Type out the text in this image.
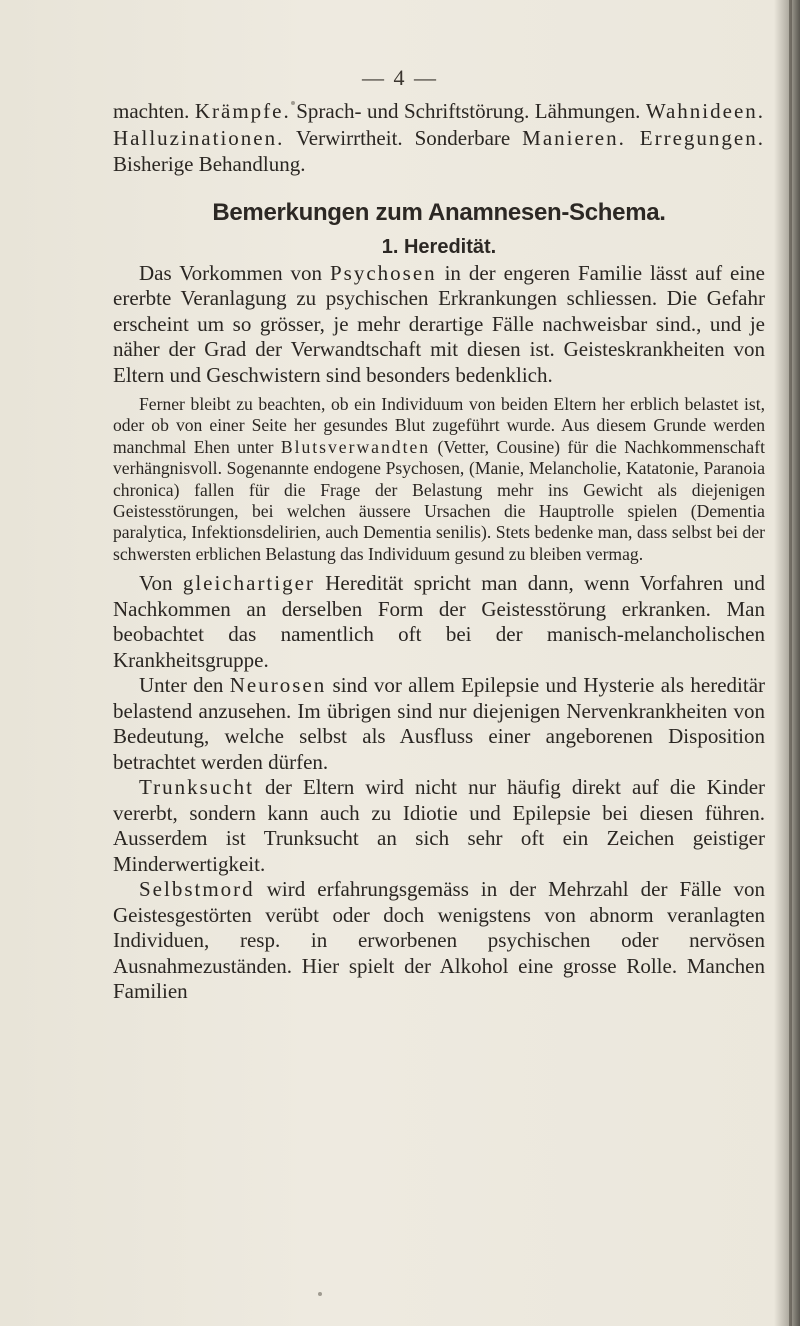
— 4 —

machten. Krämpfe. Sprach- und Schriftstörung. Lähmungen. Wahnideen. Halluzinationen. Verwirrtheit. Sonderbare Manieren. Erregungen. Bisherige Behandlung.

Bemerkungen zum Anamnesen-Schema.
1. Heredität.

Das Vorkommen von Psychosen in der engeren Familie lässt auf eine ererbte Veranlagung zu psychischen Erkrankungen schliessen. Die Gefahr erscheint um so grösser, je mehr derartige Fälle nachweisbar sind., und je näher der Grad der Verwandtschaft mit diesen ist. Geisteskrankheiten von Eltern und Geschwistern sind besonders bedenklich.

Ferner bleibt zu beachten, ob ein Individuum von beiden Eltern her erblich belastet ist, oder ob von einer Seite her gesundes Blut zugeführt wurde. Aus diesem Grunde werden manchmal Ehen unter Blutsverwandten (Vetter, Cousine) für die Nachkommenschaft verhängnisvoll. Sogenannte endogene Psychosen, (Manie, Melancholie, Katatonie, Paranoia chronica) fallen für die Frage der Belastung mehr ins Gewicht als diejenigen Geistesstörungen, bei welchen äussere Ursachen die Hauptrolle spielen (Dementia paralytica, Infektionsdelirien, auch Dementia senilis). Stets bedenke man, dass selbst bei der schwersten erblichen Belastung das Individuum gesund zu bleiben vermag.

Von gleichartiger Heredität spricht man dann, wenn Vorfahren und Nachkommen an derselben Form der Geistesstörung erkranken. Man beobachtet das namentlich oft bei der manisch-melancholischen Krankheitsgruppe.

Unter den Neurosen sind vor allem Epilepsie und Hysterie als hereditär belastend anzusehen. Im übrigen sind nur diejenigen Nervenkrankheiten von Bedeutung, welche selbst als Ausfluss einer angeborenen Disposition betrachtet werden dürfen.

Trunksucht der Eltern wird nicht nur häufig direkt auf die Kinder vererbt, sondern kann auch zu Idiotie und Epilepsie bei diesen führen. Ausserdem ist Trunksucht an sich sehr oft ein Zeichen geistiger Minderwertigkeit.

Selbstmord wird erfahrungsgemäss in der Mehrzahl der Fälle von Geistesgestörten verübt oder doch wenigstens von abnorm veranlagten Individuen, resp. in erworbenen psychischen oder nervösen Ausnahmezuständen. Hier spielt der Alkohol eine grosse Rolle. Manchen Familien
